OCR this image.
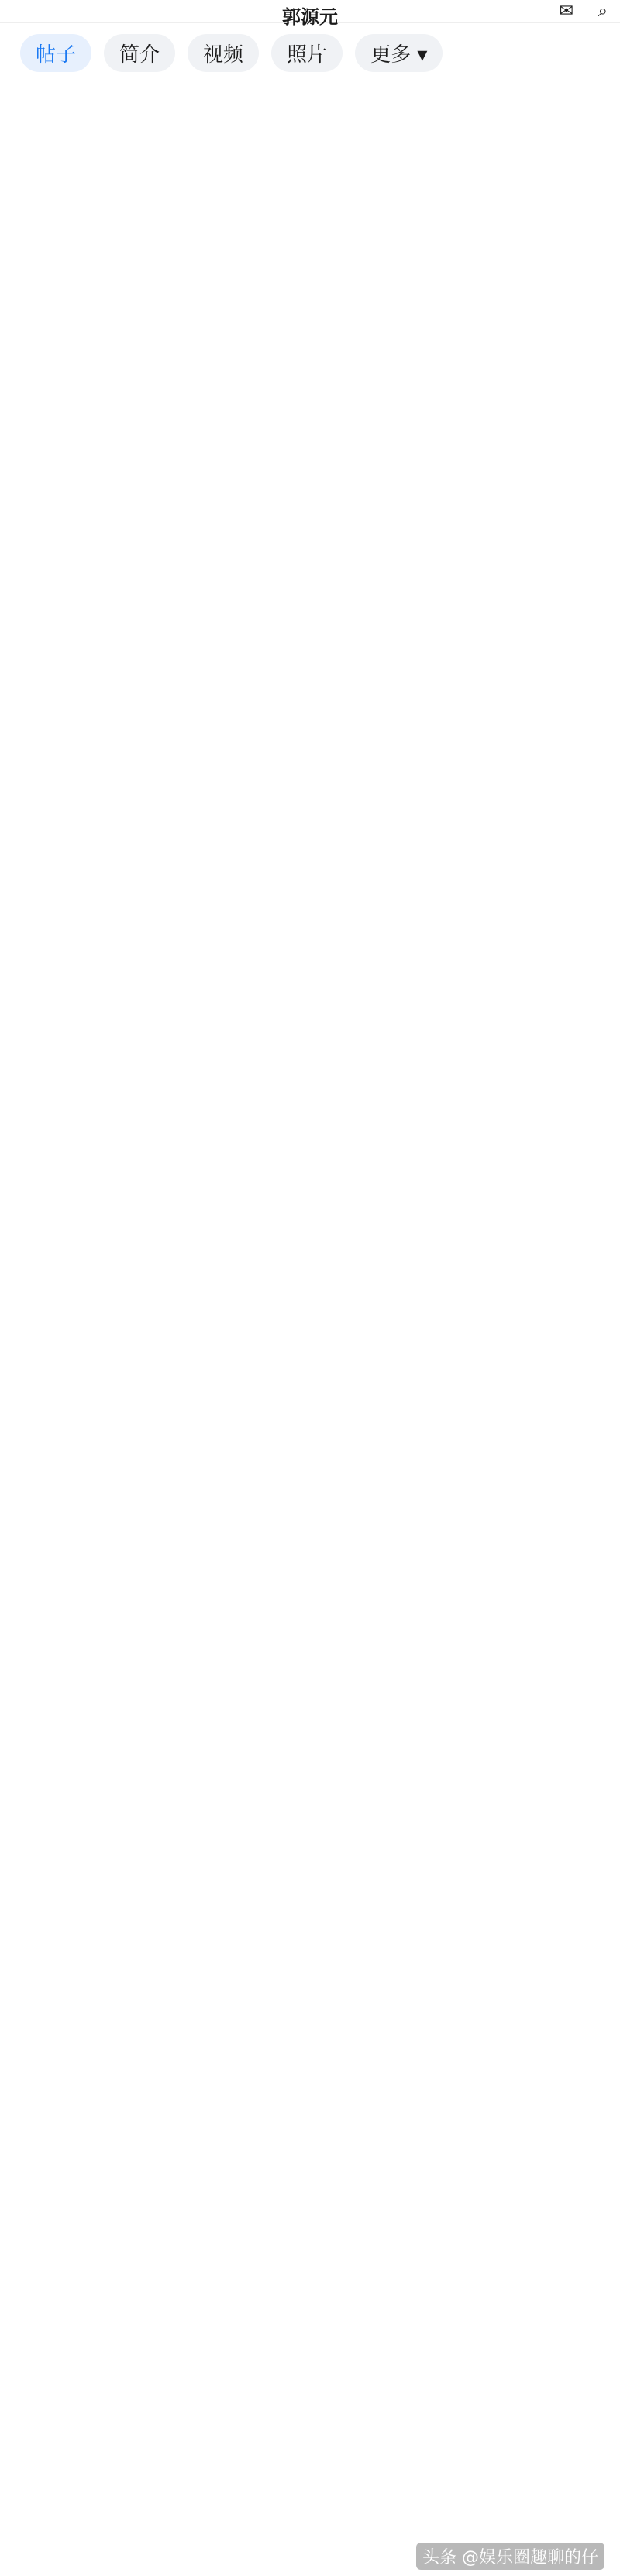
郭源元	✉ ⌕
帖子	简介	视频	照片	更多 ▾
头条 @娱乐圈趣聊的仔
